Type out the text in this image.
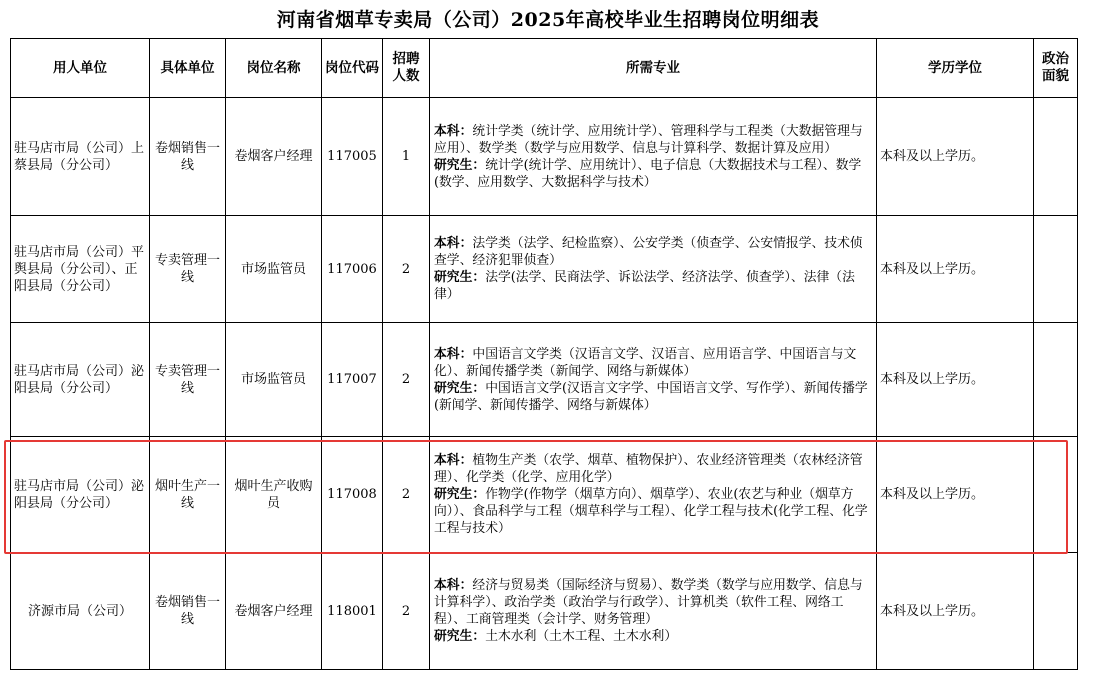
河南省烟草专卖局（公司）2025年高校毕业生招聘岗位明细表
用人单位	具体单位	岗位名称	岗位代码	招聘人数	所需专业	学历学位	政治面貌
驻马店市局（公司）上蔡县局（分公司）	卷烟销售一线	卷烟客户经理	117005	1	本科：统计学类（统计学、应用统计学）、管理科学与工程类（大数据管理与应用）、数学类（数学与应用数学、信息与计算科学、数据计算及应用）
研究生：统计学(统计学、应用统计）、电子信息（大数据技术与工程）、数学(数学、应用数学、大数据科学与技术）	本科及以上学历。	
驻马店市局（公司）平舆县局（分公司）、正阳县局（分公司）	专卖管理一线	市场监管员	117006	2	本科：法学类（法学、纪检监察）、公安学类（侦查学、公安情报学、技术侦查学、经济犯罪侦查）
研究生：法学(法学、民商法学、诉讼法学、经济法学、侦查学）、法律（法律）	本科及以上学历。	
驻马店市局（公司）泌阳县局（分公司）	专卖管理一线	市场监管员	117007	2	本科：中国语言文学类（汉语言文学、汉语言、应用语言学、中国语言与文化）、新闻传播学类（新闻学、网络与新媒体）
研究生：中国语言文学(汉语言文字学、中国语言文学、写作学）、新闻传播学(新闻学、新闻传播学、网络与新媒体）	本科及以上学历。	
驻马店市局（公司）泌阳县局（分公司）	烟叶生产一线	烟叶生产收购员	117008	2	本科：植物生产类（农学、烟草、植物保护）、农业经济管理类（农林经济管理）、化学类（化学、应用化学）
研究生：作物学(作物学（烟草方向）、烟草学）、农业(农艺与种业（烟草方向））、食品科学与工程（烟草科学与工程）、化学工程与技术(化学工程、化学工程与技术）	本科及以上学历。	
济源市局（公司）	卷烟销售一线	卷烟客户经理	118001	2	本科：经济与贸易类（国际经济与贸易）、数学类（数学与应用数学、信息与计算科学）、政治学类（政治学与行政学）、计算机类（软件工程、网络工程）、工商管理类（会计学、财务管理）
研究生：土木水利（土木工程、土木水利）	本科及以上学历。	
